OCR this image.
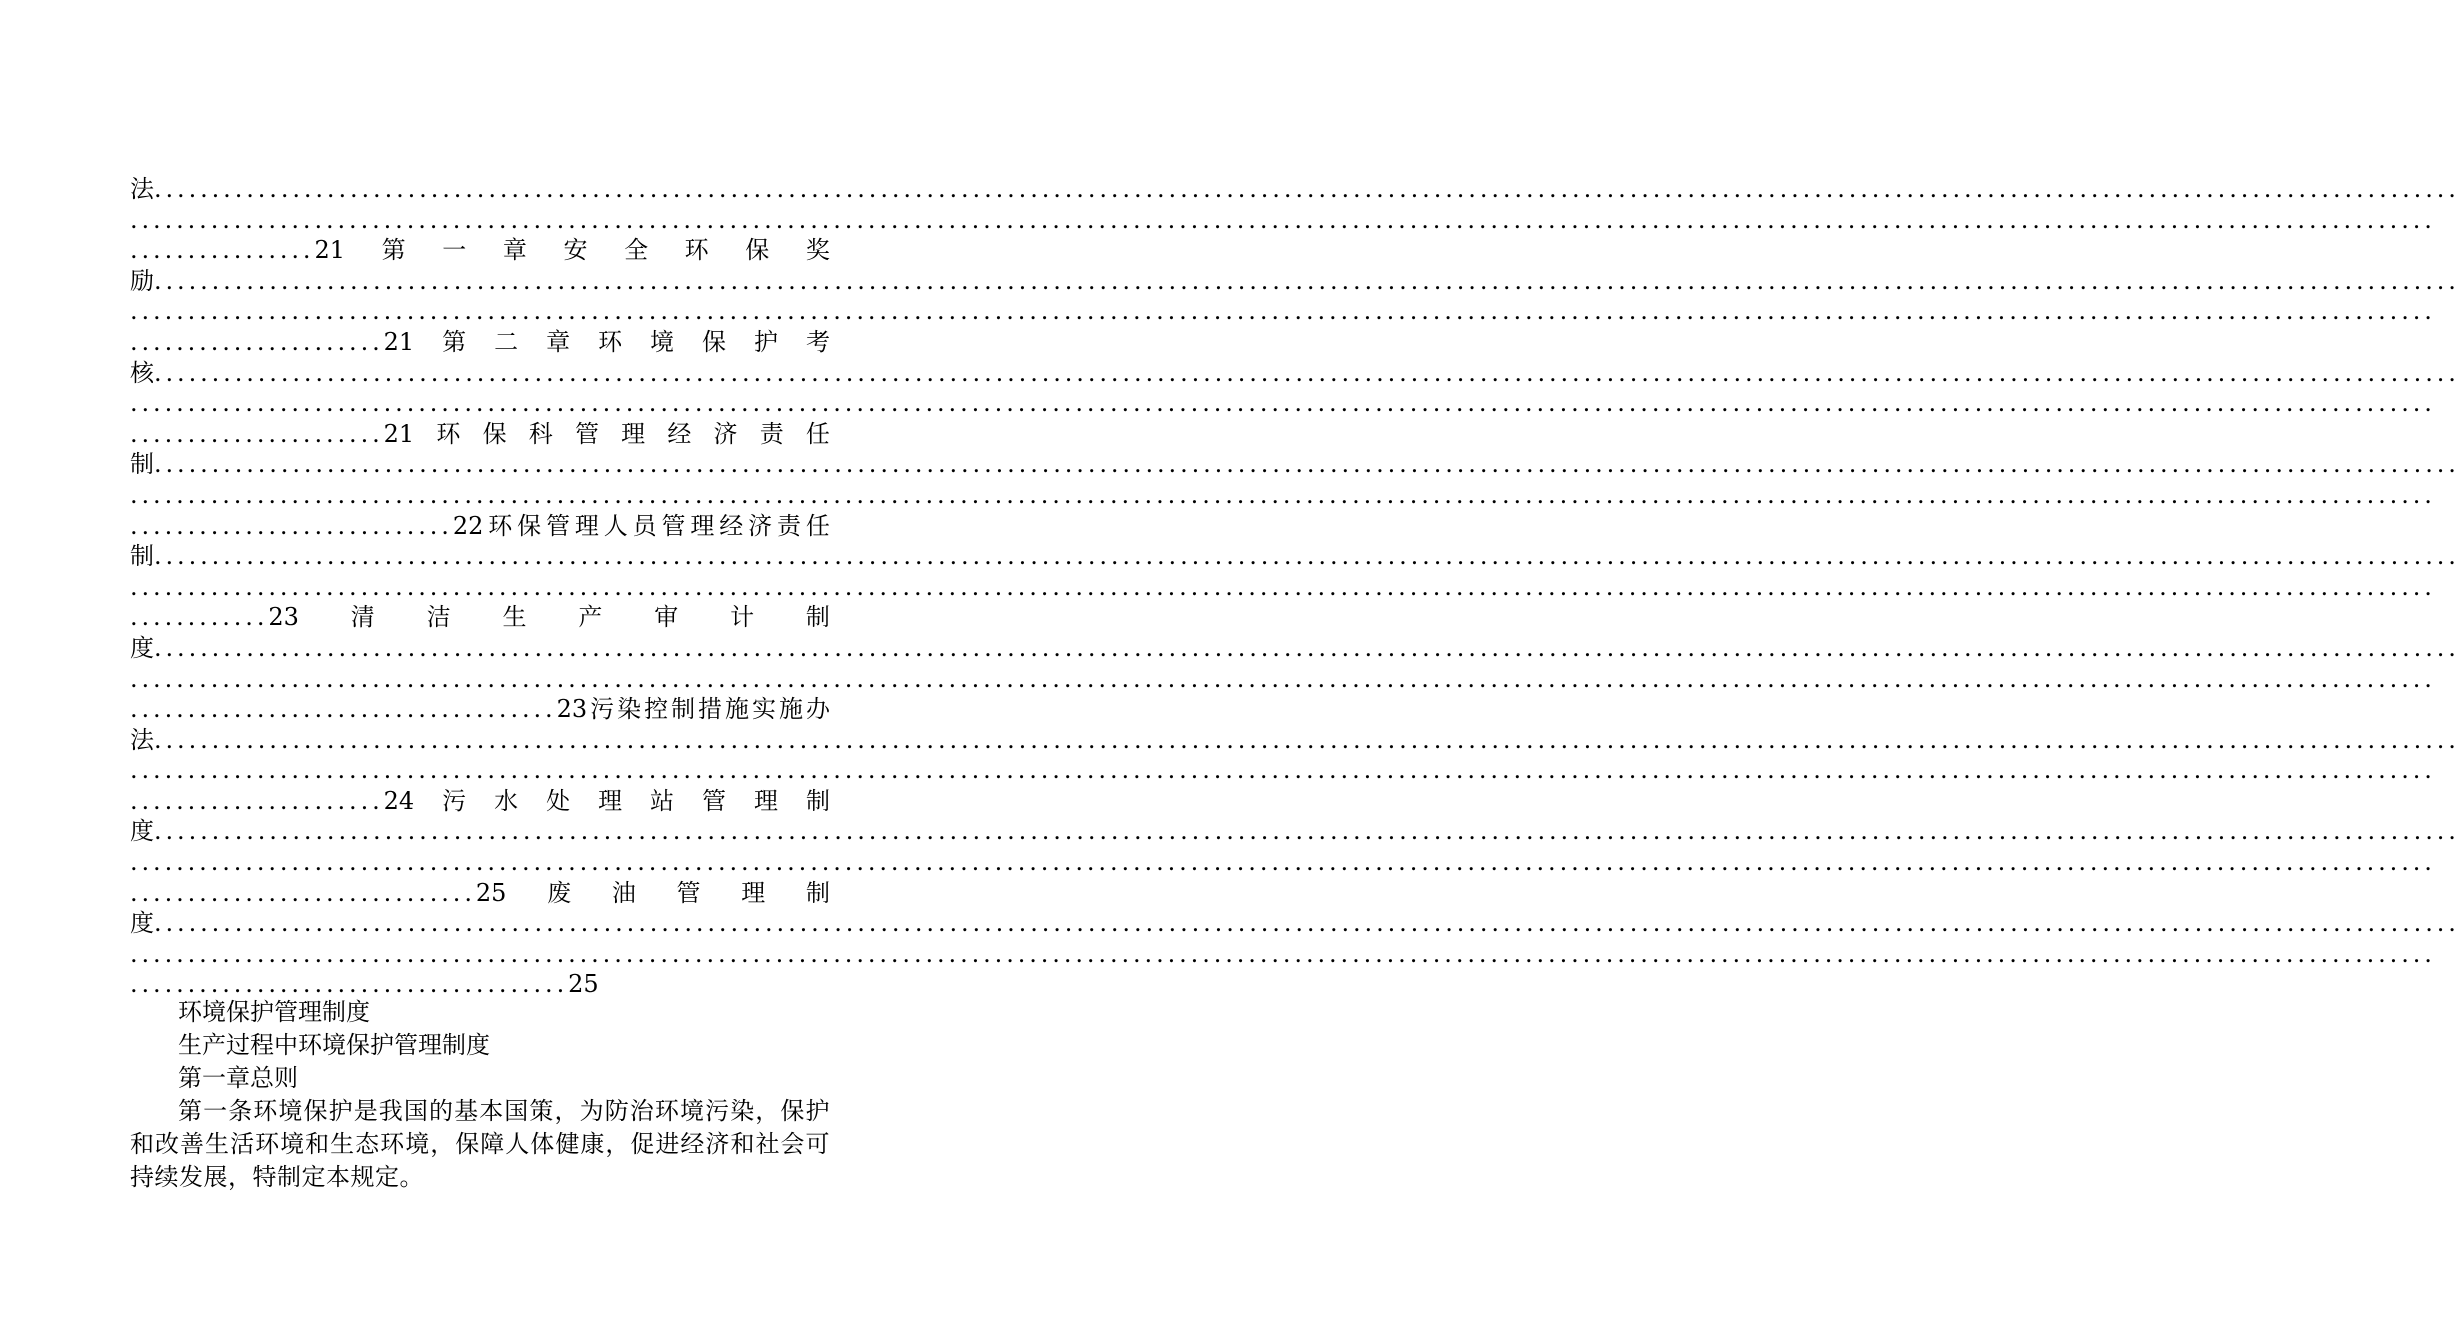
法........................................................................................................................................................................................................
........................................................................................................................................................................................................
................21 第 一 章 安 全 环 保 奖
励........................................................................................................................................................................................................
........................................................................................................................................................................................................
......................21 第 二 章 环 境 保 护 考
核........................................................................................................................................................................................................
........................................................................................................................................................................................................
......................21 环 保 科 管 理 经 济 责 任
制........................................................................................................................................................................................................
........................................................................................................................................................................................................
............................22 环 保 管 理 人 员 管 理 经 济 责 任
制........................................................................................................................................................................................................
........................................................................................................................................................................................................
............23 清 洁 生 产 审 计 制
度........................................................................................................................................................................................................
........................................................................................................................................................................................................
.....................................23 污 染 控 制 措 施 实 施 办
法........................................................................................................................................................................................................
........................................................................................................................................................................................................
......................24 污 水 处 理 站 管 理 制
度........................................................................................................................................................................................................
........................................................................................................................................................................................................
..............................25 废 油 管 理 制
度........................................................................................................................................................................................................
........................................................................................................................................................................................................
......................................25
环境保护管理制度
生产过程中环境保护管理制度
第一章总则
第一条环境保护是我国的基本国策，为防治环境污染，保护和改善生活环境和生态环境，保障人体健康，促进经济和社会可持续发展，特制定本规定。
